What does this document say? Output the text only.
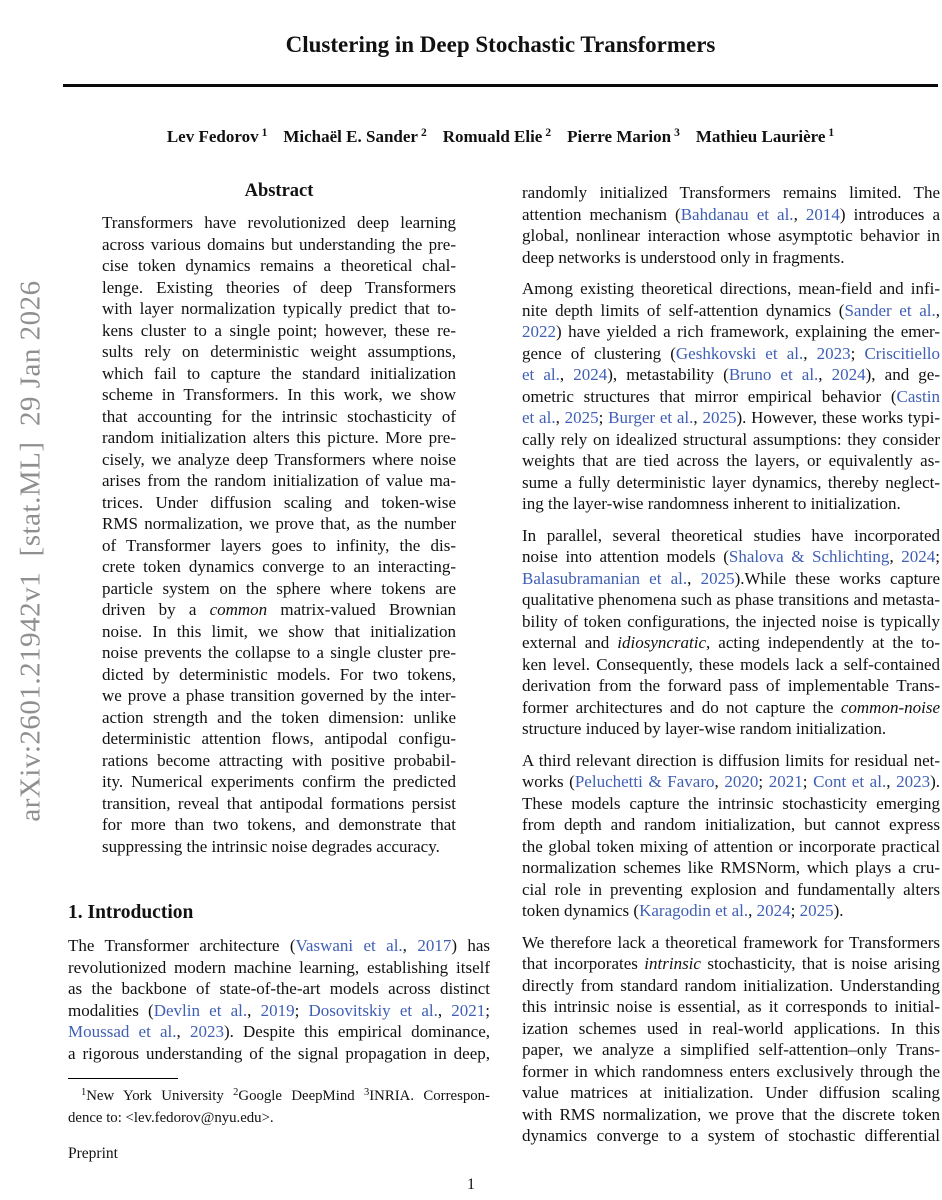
arXiv:2601.21942v1  [stat.ML]  29 Jan 2026
Clustering in Deep Stochastic Transformers
Lev Fedorov $^1$ Michaël E. Sander $^2$ Romuald Elie $^2$ Pierre Marion $^3$ Mathieu Laurière $^1$
Abstract
Transformers have revolutionized deep learning
across various domains but understanding the pre-
cise token dynamics remains a theoretical chal-
lenge. Existing theories of deep Transformers
with layer normalization typically predict that to-
kens cluster to a single point; however, these re-
sults rely on deterministic weight assumptions,
which fail to capture the standard initialization
scheme in Transformers. In this work, we show
that accounting for the intrinsic stochasticity of
random initialization alters this picture. More pre-
cisely, we analyze deep Transformers where noise
arises from the random initialization of value ma-
trices. Under diffusion scaling and token-wise
RMS normalization, we prove that, as the number
of Transformer layers goes to infinity, the dis-
crete token dynamics converge to an interacting-
particle system on the sphere where tokens are
driven by a common matrix-valued Brownian
noise. In this limit, we show that initialization
noise prevents the collapse to a single cluster pre-
dicted by deterministic models. For two tokens,
we prove a phase transition governed by the inter-
action strength and the token dimension: unlike
deterministic attention flows, antipodal configu-
rations become attracting with positive probabil-
ity. Numerical experiments confirm the predicted
transition, reveal that antipodal formations persist
for more than two tokens, and demonstrate that
suppressing the intrinsic noise degrades accuracy.
1. Introduction
The Transformer architecture (Vaswani et al., 2017) has
revolutionized modern machine learning, establishing itself
as the backbone of state-of-the-art models across distinct
modalities (Devlin et al., 2019; Dosovitskiy et al., 2021;
Moussad et al., 2023). Despite this empirical dominance,
a rigorous understanding of the signal propagation in deep,
randomly initialized Transformers remains limited. The
attention mechanism (Bahdanau et al., 2014) introduces a
global, nonlinear interaction whose asymptotic behavior in
deep networks is understood only in fragments.
Among existing theoretical directions, mean-field and infi-
nite depth limits of self-attention dynamics (Sander et al.,
2022) have yielded a rich framework, explaining the emer-
gence of clustering (Geshkovski et al., 2023; Criscitiello
et al., 2024), metastability (Bruno et al., 2024), and ge-
ometric structures that mirror empirical behavior (Castin
et al., 2025; Burger et al., 2025). However, these works typi-
cally rely on idealized structural assumptions: they consider
weights that are tied across the layers, or equivalently as-
sume a fully deterministic layer dynamics, thereby neglect-
ing the layer-wise randomness inherent to initialization.
In parallel, several theoretical studies have incorporated
noise into attention models (Shalova & Schlichting, 2024;
Balasubramanian et al., 2025).While these works capture
qualitative phenomena such as phase transitions and metasta-
bility of token configurations, the injected noise is typically
external and idiosyncratic, acting independently at the to-
ken level. Consequently, these models lack a self-contained
derivation from the forward pass of implementable Trans-
former architectures and do not capture the common-noise
structure induced by layer-wise random initialization.
A third relevant direction is diffusion limits for residual net-
works (Peluchetti & Favaro, 2020; 2021; Cont et al., 2023).
These models capture the intrinsic stochasticity emerging
from depth and random initialization, but cannot express
the global token mixing of attention or incorporate practical
normalization schemes like RMSNorm, which plays a cru-
cial role in preventing explosion and fundamentally alters
token dynamics (Karagodin et al., 2024; 2025).
We therefore lack a theoretical framework for Transformers
that incorporates intrinsic stochasticity, that is noise arising
directly from standard random initialization. Understanding
this intrinsic noise is essential, as it corresponds to initial-
ization schemes used in real-world applications. In this
paper, we analyze a simplified self-attention–only Trans-
former in which randomness enters exclusively through the
value matrices at initialization. Under diffusion scaling
with RMS normalization, we prove that the discrete token
dynamics converge to a system of stochastic differential
$^1$New York University $^2$Google DeepMind $^3$INRIA. Correspon-
dence to: <lev.fedorov@nyu.edu>.
Preprint
1
